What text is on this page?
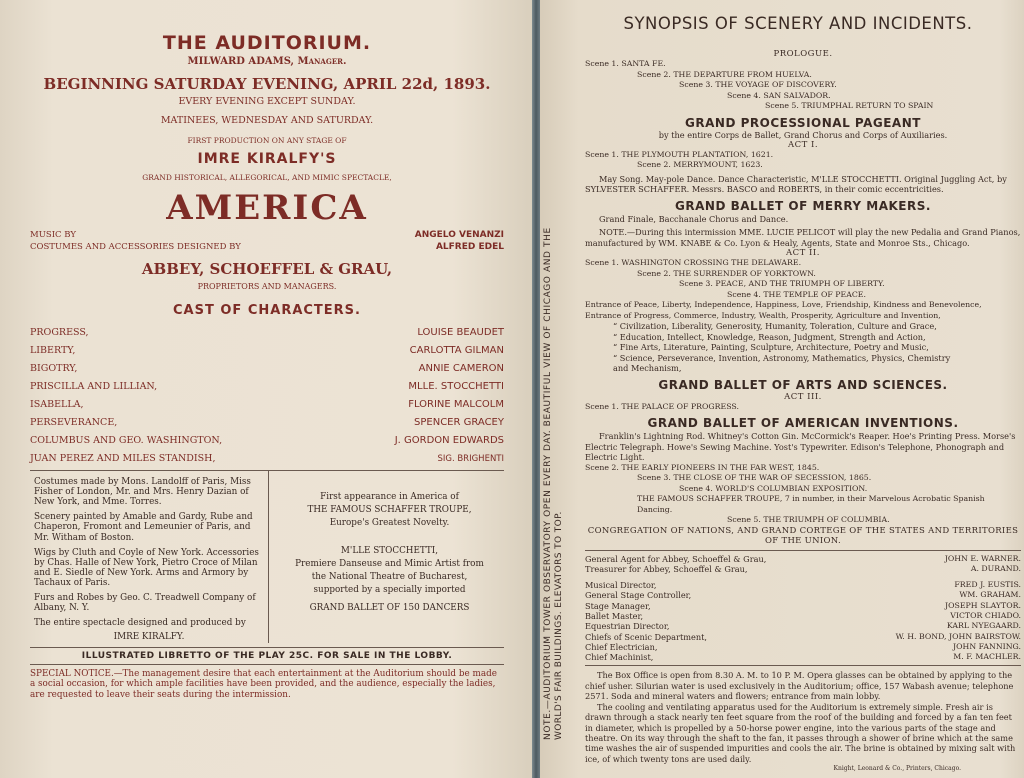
THE AUDITORIUM.
MILWARD ADAMS, Manager.
BEGINNING SATURDAY EVENING, APRIL 22d, 1893.
EVERY EVENING EXCEPT SUNDAY.
MATINEES, WEDNESDAY AND SATURDAY.
FIRST PRODUCTION ON ANY STAGE OF
IMRE KIRALFY'S
GRAND HISTORICAL, ALLEGORICAL, AND MIMIC SPECTACLE,
AMERICA
MUSIC BY	ANGELO VENANZI
COSTUMES AND ACCESSORIES DESIGNED BY	ALFRED EDEL
ABBEY, SCHOEFFEL & GRAU,
PROPRIETORS AND MANAGERS.
CAST OF CHARACTERS.
PROGRESS,	LOUISE BEAUDET
LIBERTY,	CARLOTTA GILMAN
BIGOTRY,	ANNIE CAMERON
PRISCILLA AND LILLIAN,	MLLE. STOCCHETTI
ISABELLA,	FLORINE MALCOLM
PERSEVERANCE,	SPENCER GRACEY
COLUMBUS AND GEO. WASHINGTON,	J. GORDON EDWARDS
JUAN PEREZ AND MILES STANDISH,	SIG. BRIGHENTI

Costumes made by Mons. Landolff of Paris, Miss Fisher of London, Mr. and Mrs. Henry Dazian of New York, and Mme. Torres.

Scenery painted by Amable and Gardy, Rube and Chaperon, Fromont and Lemeunier of Paris, and Mr. Witham of Boston.

Wigs by Cluth and Coyle of New York. Accessories by Chas. Halle of New York, Pietro Croce of Milan and E. Siedle of New York. Arms and Armory by Tachaux of Paris.

Furs and Robes by Geo. C. Treadwell Company of Albany, N. Y.

The entire spectacle designed and produced by

IMRE KIRALFY.
First appearance in America of
THE FAMOUS SCHAFFER TROUPE,
Europe's Greatest Novelty.
M'LLE STOCCHETTI,
Premiere Danseuse and Mimic Artist from
the National Theatre of Bucharest,
supported by a specially imported
GRAND BALLET OF 150 DANCERS
ILLUSTRATED LIBRETTO OF THE PLAY 25C. FOR SALE IN THE LOBBY.
SPECIAL NOTICE.—The management desire that each entertainment at the Auditorium should be made a social occasion, for which ample facilities have been provided, and the audience, especially the ladies, are requested to leave their seats during the intermission.	NOTE.—AUDITORIUM TOWER OBSERVATORY OPEN EVERY DAY. BEAUTIFUL VIEW OF CHICAGO AND THE WORLD'S FAIR BUILDINGS. ELEVATORS TO TOP.
SYNOPSIS OF SCENERY AND INCIDENTS.
PROLOGUE.
Scene 1. SANTA FE.
Scene 2. THE DEPARTURE FROM HUELVA.
Scene 3. THE VOYAGE OF DISCOVERY.
Scene 4. SAN SALVADOR.
Scene 5. TRIUMPHAL RETURN TO SPAIN
GRAND PROCESSIONAL PAGEANT
by the entire Corps de Ballet, Grand Chorus and Corps of Auxiliaries.
ACT I.
Scene 1. THE PLYMOUTH PLANTATION, 1621.
Scene 2. MERRYMOUNT, 1623.

May Song. May-pole Dance. Dance Characteristic, M'LLE STOCCHETTI. Original Juggling Act, by SYLVESTER SCHAFFER. Messrs. BASCO and ROBERTS, in their comic eccentricities.

GRAND BALLET OF MERRY MAKERS.

Grand Finale, Bacchanale Chorus and Dance.

NOTE.—During this intermission MME. LUCIE PELICOT will play the new Pedalia and Grand Pianos, manufactured by WM. KNABE & Co. Lyon & Healy, Agents, State and Monroe Sts., Chicago.

ACT II.
Scene 1. WASHINGTON CROSSING THE DELAWARE.
Scene 2. THE SURRENDER OF YORKTOWN.
Scene 3. PEACE, AND THE TRIUMPH OF LIBERTY.
Scene 4. THE TEMPLE OF PEACE.
Entrance of Peace, Liberty, Independence, Happiness, Love, Friendship, Kindness and Benevolence,
Entrance of Progress, Commerce, Industry, Wealth, Prosperity, Agriculture and Invention,
“ Civilization, Liberality, Generosity, Humanity, Toleration, Culture and Grace,
“ Education, Intellect, Knowledge, Reason, Judgment, Strength and Action,
“ Fine Arts, Literature, Painting, Sculpture, Architecture, Poetry and Music,
“ Science, Perseverance, Invention, Astronomy, Mathematics, Physics, Chemistry
and Mechanism,
GRAND BALLET OF ARTS AND SCIENCES.
ACT III.
Scene 1. THE PALACE OF PROGRESS.
GRAND BALLET OF AMERICAN INVENTIONS.

Franklin's Lightning Rod. Whitney's Cotton Gin. McCormick's Reaper. Hoe's Printing Press. Morse's Electric Telegraph. Howe's Sewing Machine. Yost's Typewriter. Edison's Telephone, Phonograph and Electric Light.

Scene 2. THE EARLY PIONEERS IN THE FAR WEST, 1845.
Scene 3. THE CLOSE OF THE WAR OF SECESSION, 1865.
Scene 4. WORLD'S COLUMBIAN EXPOSITION.
THE FAMOUS SCHAFFER TROUPE, 7 in number, in their Marvelous Acrobatic Spanish Dancing.
Scene 5. THE TRIUMPH OF COLUMBIA.
CONGREGATION OF NATIONS, AND GRAND CORTEGE OF THE STATES AND TERRITORIES OF THE UNION.
General Agent for Abbey, Schoeffel & Grau,	JOHN E. WARNER.
Treasurer for Abbey, Schoeffel & Grau,	A. DURAND.
Musical Director,	FRED J. EUSTIS.
General Stage Controller,	WM. GRAHAM.
Stage Manager,	JOSEPH SLAYTOR.
Ballet Master,	VICTOR CHIADO.
Equestrian Director,	KARL NYEGAARD.
Chiefs of Scenic Department,	W. H. BOND, JOHN BAIRSTOW.
Chief Electrician,	JOHN FANNING.
Chief Machinist,	M. F. MACHLER.
The Box Office is open from 8.30 A. M. to 10 P. M. Opera glasses can be obtained by applying to the chief usher. Silurian water is used exclusively in the Auditorium; office, 157 Wabash avenue; telephone 2571. Soda and mineral waters and flowers; entrance from main lobby.
The cooling and ventilating apparatus used for the Auditorium is extremely simple. Fresh air is drawn through a stack nearly ten feet square from the roof of the building and forced by a fan ten feet in diameter, which is propelled by a 50-horse power engine, into the various parts of the stage and theatre. On its way through the shaft to the fan, it passes through a shower of brine which at the same time washes the air of suspended impurities and cools the air. The brine is obtained by mixing salt with ice, of which twenty tons are used daily.
Knight, Leonard & Co., Printers, Chicago.
